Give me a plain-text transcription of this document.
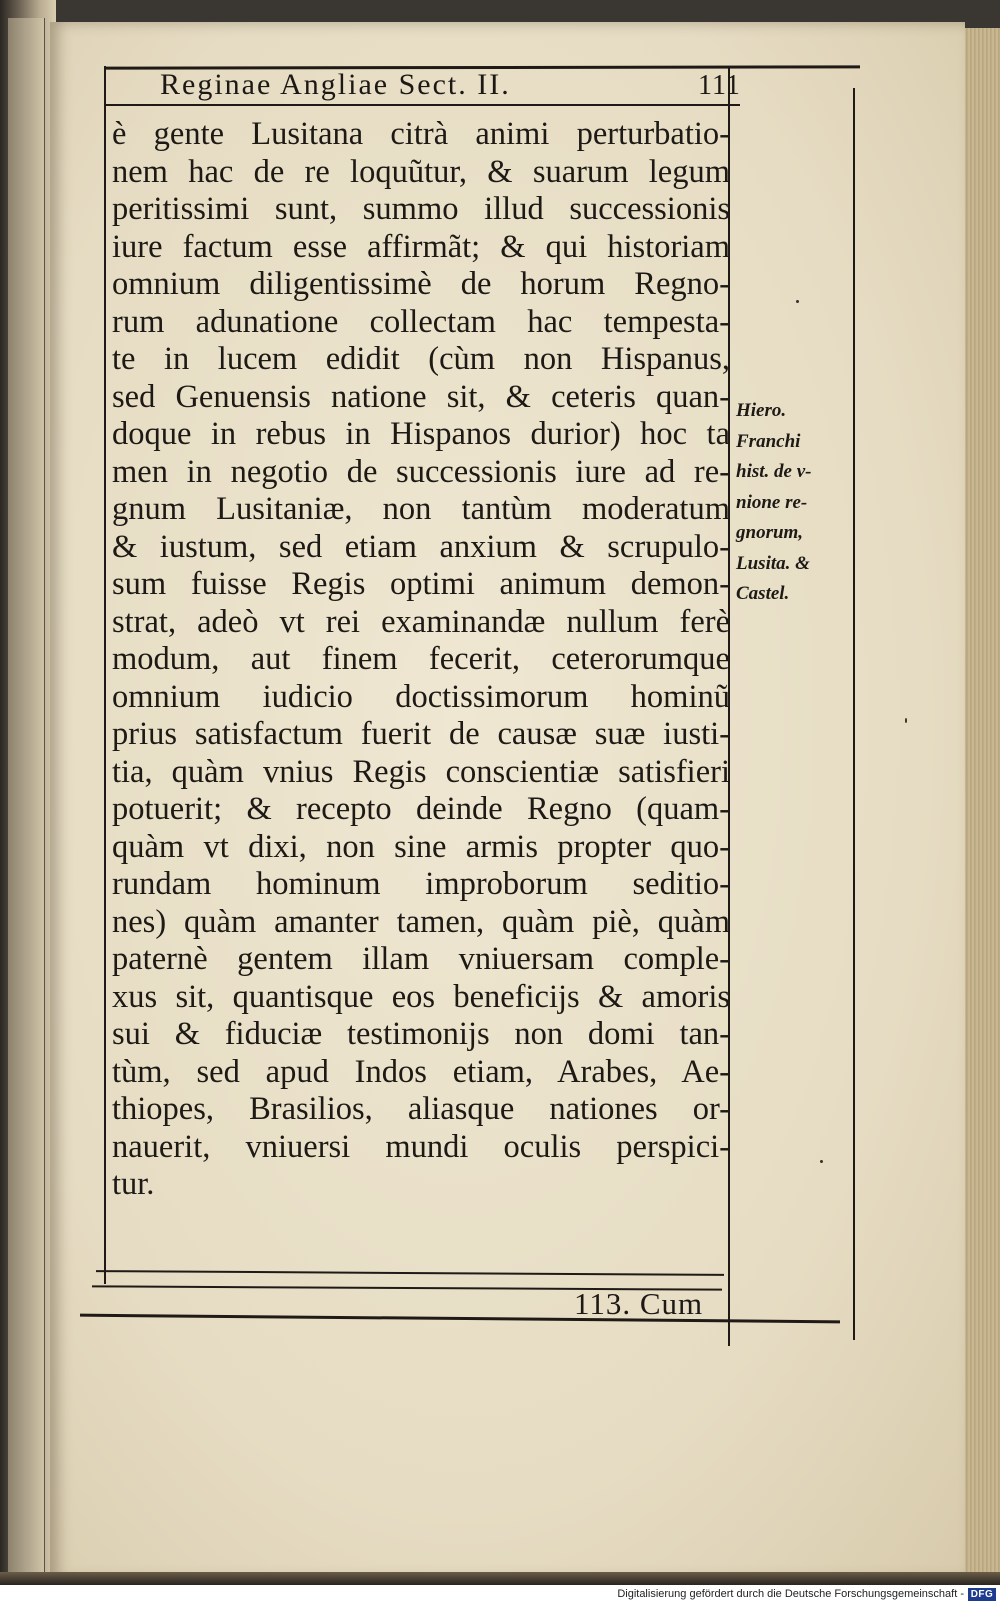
Reginae Angliae Sect. II.	111
è gente Lusitana citrà animi perturbatio-
nem hac de re loquũtur, & suarum legum
peritissimi sunt, summo illud successionis
iure factum esse affirmãt; & qui historiam
omnium diligentissimè de horum Regno-
rum adunatione collectam hac tempesta-
te in lucem edidit (cùm non Hispanus,
sed Genuensis natione sit, & ceteris quan-
doque in rebus in Hispanos durior) hoc ta
men in negotio de successionis iure ad re-
gnum Lusitaniæ, non tantùm moderatum
& iustum, sed etiam anxium & scrupulo-
sum fuisse Regis optimi animum demon-
strat, adeò vt rei examinandæ nullum ferè
modum, aut finem fecerit, ceterorumque
omnium iudicio doctissimorum hominũ
prius satisfactum fuerit de causæ suæ iusti-
tia, quàm vnius Regis conscientiæ satisfieri
potuerit; & recepto deinde Regno (quam-
quàm vt dixi, non sine armis propter quo-
rundam hominum improborum seditio-
nes) quàm amanter tamen, quàm piè, quàm
paternè gentem illam vniuersam comple-
xus sit, quantisque eos beneficijs & amoris
sui & fiduciæ testimonijs non domi tan-
tùm, sed apud Indos etiam, Arabes, Ae-
thiopes, Brasilios, aliasque nationes or-
nauerit, vniuersi mundi oculis perspici-
tur.
Hiero.
Franchi
hist. de v-
nione re-
gnorum,
Lusita. &
Castel.
113. Cum
Digitalisierung gefördert durch die Deutsche Forschungsgemeinschaft - DFG
